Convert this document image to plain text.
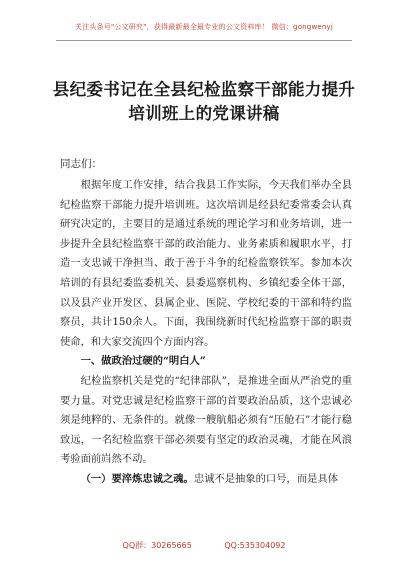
关注头条号"公文研究"，获得最新最全最专业的公文资料库！ 微信：gongwenyj
县纪委书记在全县纪检监察干部能力提升
培训班上的党课讲稿
同志们：

根据年度工作安排，结合我县工作实际，今天我们举办全县纪检监察干部能力提升培训班。这次培训是经县纪委常委会认真研究决定的，主要目的是通过系统的理论学习和业务培训，进一步提升全县纪检监察干部的政治能力、业务素质和履职水平，打造一支忠诚干净担当、敢于善于斗争的纪检监察铁军。参加本次培训的有县纪委监委机关、县委巡察机构、乡镇纪委全体干部，以及县产业开发区、县属企业、医院、学校纪委的干部和特约监察员，共计150余人。下面，我围绕新时代纪检监察干部的职责使命，和大家交流四个方面内容。

一、做政治过硬的“明白人”

纪检监察机关是党的“纪律部队”，是推进全面从严治党的重要力量。对党忠诚是纪检监察干部的首要政治品质，这个忠诚必须是纯粹的、无条件的。就像一艘航船必须有“压舱石”才能行稳致远，一名纪检监察干部必须要有坚定的政治灵魂，才能在风浪考验面前岿然不动。

（一）要淬炼忠诚之魂。忠诚不是抽象的口号，而是具体

QQ群：30265665	QQ:535304092
